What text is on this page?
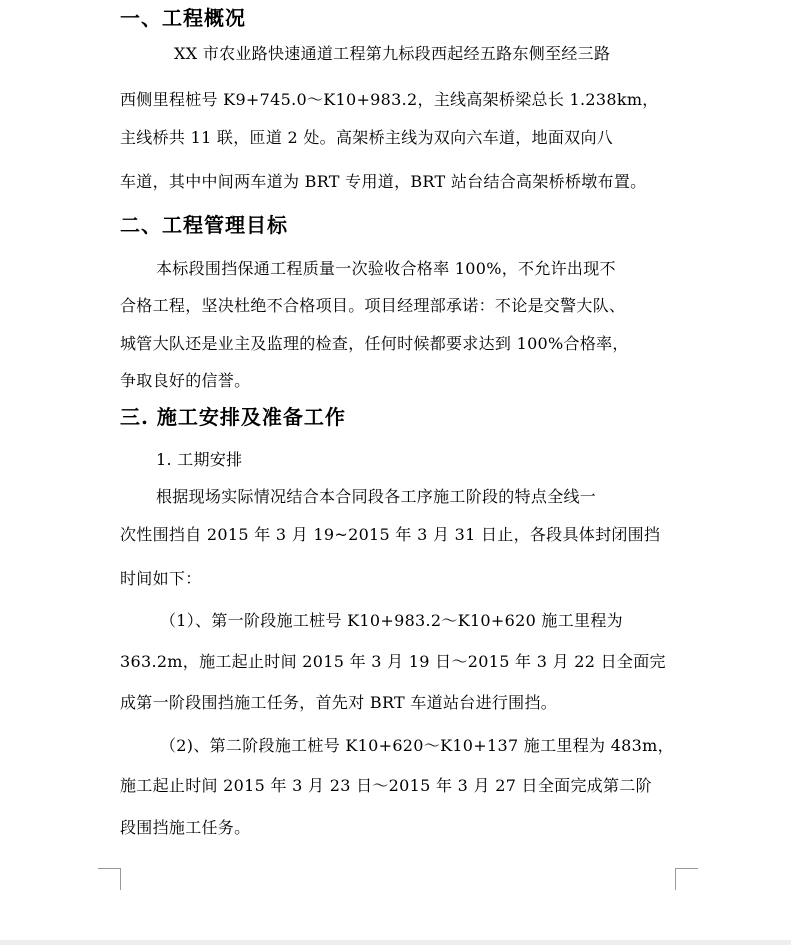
一、工程概况
XX 市农业路快速通道工程第九标段西起经五路东侧至经三路
西侧里程桩号 K9+745.0～K10+983.2，主线高架桥梁总长 1.238km，
主线桥共 11 联，匝道 2 处。高架桥主线为双向六车道，地面双向八
车道，其中中间两车道为 BRT 专用道，BRT 站台结合高架桥桥墩布置。
二、工程管理目标
本标段围挡保通工程质量一次验收合格率 100%，不允许出现不
合格工程，坚决杜绝不合格项目。项目经理部承诺：不论是交警大队、
城管大队还是业主及监理的检查，任何时候都要求达到 100%合格率，
争取良好的信誉。
三. 施工安排及准备工作
1. 工期安排
根据现场实际情况结合本合同段各工序施工阶段的特点全线一
次性围挡自 2015 年 3 月 19~2015 年 3 月 31 日止，各段具体封闭围挡
时间如下：
（1）、第一阶段施工桩号 K10+983.2～K10+620 施工里程为
363.2m，施工起止时间 2015 年 3 月 19 日～2015 年 3 月 22 日全面完
成第一阶段围挡施工任务，首先对 BRT 车道站台进行围挡。
（2)、第二阶段施工桩号 K10+620～K10+137 施工里程为 483m，
施工起止时间 2015 年 3 月 23 日～2015 年 3 月 27 日全面完成第二阶
段围挡施工任务。
